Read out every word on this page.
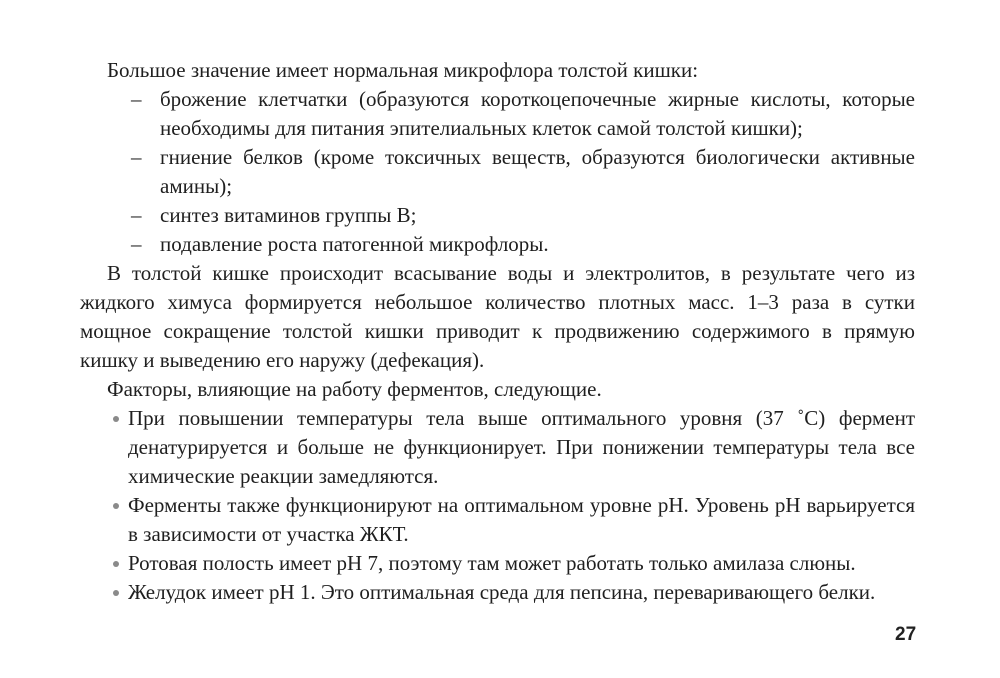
Большое значение имеет нормальная микрофлора толстой кишки:

– брожение клетчатки (образуются короткоцепочечные жирные кислоты, которые необходимы для питания эпителиальных клеток самой толстой кишки);
– гниение белков (кроме токсичных веществ, образуются биологически активные амины);
– синтез витаминов группы В;
– подавление роста патогенной микрофлоры.

В толстой кишке происходит всасывание воды и электролитов, в результате чего из жидкого химуса формируется небольшое количество плотных масс. 1–3 раза в сутки мощное сокращение толстой кишки приводит к продвижению содержимого в прямую кишку и выведению его наружу (дефекация).

Факторы, влияющие на работу ферментов, следующие.

При повышении температуры тела выше оптимального уровня (37 ˚С) фермент денатурируется и больше не функционирует. При понижении температуры тела все химические реакции замедляются.
Ферменты также функционируют на оптимальном уровне рН. Уровень рН варьируется в зависимости от участка ЖКТ.
Ротовая полость имеет рН 7, поэтому там может работать только амилаза слюны.
Желудок имеет рН 1. Это оптимальная среда для пепсина, переваривающего белки.
27
